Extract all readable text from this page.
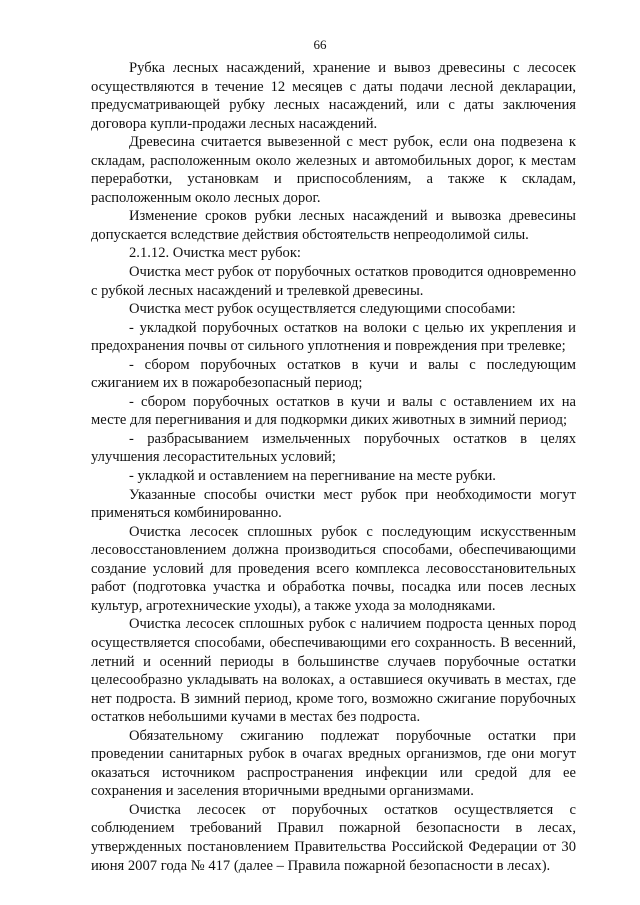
66

Рубка лесных насаждений, хранение и вывоз древесины с лесосек осуществляются в течение 12 месяцев с даты подачи лесной декларации, предусматривающей рубку лесных насаждений, или с даты заключения договора купли-продажи лесных насаждений.

Древесина считается вывезенной с мест рубок, если она подвезена к складам, расположенным около железных и автомобильных дорог, к местам переработки, установкам и приспособлениям, а также к складам, расположенным около лесных дорог.

Изменение сроков рубки лесных насаждений и вывозка древесины допускается вследствие действия обстоятельств непреодолимой силы.

2.1.12. Очистка мест рубок:

Очистка мест рубок от порубочных остатков проводится одновременно с рубкой лесных насаждений и трелевкой древесины.

Очистка мест рубок осуществляется следующими способами:

- укладкой порубочных остатков на волоки с целью их укрепления и предохранения почвы от сильного уплотнения и повреждения при трелевке;

- сбором порубочных остатков в кучи и валы с последующим сжиганием их в пожаробезопасный период;

- сбором порубочных остатков в кучи и валы с оставлением их на месте для перегнивания и для подкормки диких животных в зимний период;

- разбрасыванием измельченных порубочных остатков в целях улучшения лесорастительных условий;

- укладкой и оставлением на перегнивание на месте рубки.

Указанные способы очистки мест рубок при необходимости могут применяться комбинированно.

Очистка лесосек сплошных рубок с последующим искусственным лесовосстановлением должна производиться способами, обеспечивающими создание условий для проведения всего комплекса лесовосстановительных работ (подготовка участка и обработка почвы, посадка или посев лесных культур, агротехнические уходы), а также ухода за молодняками.

Очистка лесосек сплошных рубок с наличием подроста ценных пород осуществляется способами, обеспечивающими его сохранность. В весенний, летний и осенний периоды в большинстве случаев порубочные остатки целесообразно укладывать на волоках, а оставшиеся окучивать в местах, где нет подроста. В зимний период, кроме того, возможно сжигание порубочных остатков небольшими кучами в местах без подроста.

Обязательному сжиганию подлежат порубочные остатки при проведении санитарных рубок в очагах вредных организмов, где они могут оказаться источником распространения инфекции или средой для ее сохранения и заселения вторичными вредными организмами.

Очистка лесосек от порубочных остатков осуществляется с соблюдением требований Правил пожарной безопасности в лесах, утвержденных постановлением Правительства Российской Федерации от 30 июня 2007 года № 417 (далее – Правила пожарной безопасности в лесах).
